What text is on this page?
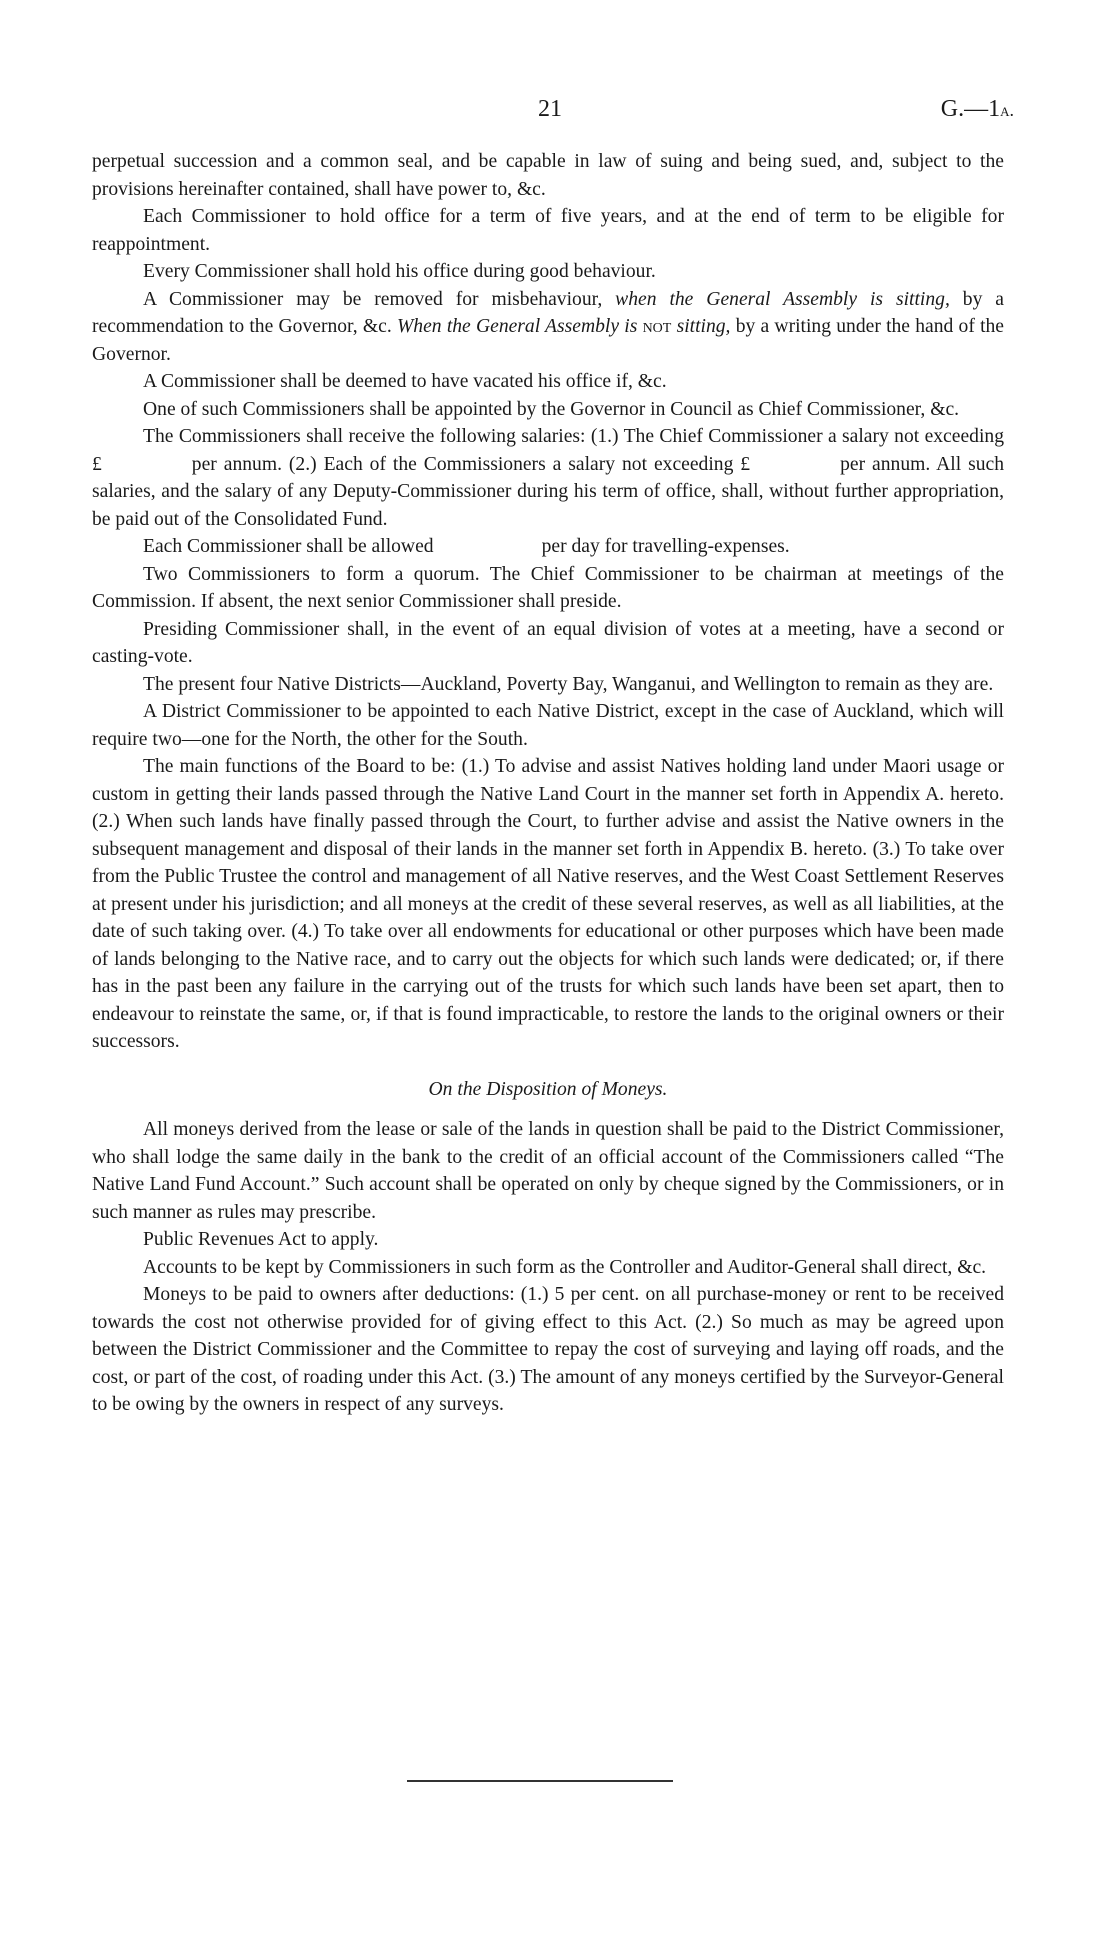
21	G.—1a.

perpetual succession and a common seal, and be capable in law of suing and being sued, and, subject to the provisions hereinafter contained, shall have power to, &c.

Each Commissioner to hold office for a term of five years, and at the end of term to be eligible for reappointment.

Every Commissioner shall hold his office during good behaviour.

A Commissioner may be removed for misbehaviour, when the General Assembly is sitting, by a recommendation to the Governor, &c. When the General Assembly is not sitting, by a writing under the hand of the Governor.

A Commissioner shall be deemed to have vacated his office if, &c.

One of such Commissioners shall be appointed by the Governor in Council as Chief Commissioner, &c.

The Commissioners shall receive the following salaries: (1.) The Chief Commissioner a salary not exceeding £	per annum. (2.) Each of the Commissioners a salary not exceeding £	per annum. All such salaries, and the salary of any Deputy-Commissioner during his term of office, shall, without further appropriation, be paid out of the Consolidated Fund.

Each Commissioner shall be allowed	per day for travelling-expenses.

Two Commissioners to form a quorum. The Chief Commissioner to be chairman at meetings of the Commission. If absent, the next senior Commissioner shall preside.

Presiding Commissioner shall, in the event of an equal division of votes at a meeting, have a second or casting-vote.

The present four Native Districts—Auckland, Poverty Bay, Wanganui, and Wellington to remain as they are.

A District Commissioner to be appointed to each Native District, except in the case of Auckland, which will require two—one for the North, the other for the South.

The main functions of the Board to be: (1.) To advise and assist Natives holding land under Maori usage or custom in getting their lands passed through the Native Land Court in the manner set forth in Appendix A. hereto. (2.) When such lands have finally passed through the Court, to further advise and assist the Native owners in the subsequent management and disposal of their lands in the manner set forth in Appendix B. hereto. (3.) To take over from the Public Trustee the control and management of all Native reserves, and the West Coast Settlement Reserves at present under his jurisdiction; and all moneys at the credit of these several reserves, as well as all liabilities, at the date of such taking over. (4.) To take over all endowments for educational or other purposes which have been made of lands belonging to the Native race, and to carry out the objects for which such lands were dedicated; or, if there has in the past been any failure in the carrying out of the trusts for which such lands have been set apart, then to endeavour to reinstate the same, or, if that is found impracticable, to restore the lands to the original owners or their successors.

On the Disposition of Moneys.

All moneys derived from the lease or sale of the lands in question shall be paid to the District Commissioner, who shall lodge the same daily in the bank to the credit of an official account of the Commissioners called “The Native Land Fund Account.” Such account shall be operated on only by cheque signed by the Commissioners, or in such manner as rules may prescribe.

Public Revenues Act to apply.

Accounts to be kept by Commissioners in such form as the Controller and Auditor-General shall direct, &c.

Moneys to be paid to owners after deductions: (1.) 5 per cent. on all purchase-money or rent to be received towards the cost not otherwise provided for of giving effect to this Act. (2.) So much as may be agreed upon between the District Commissioner and the Committee to repay the cost of surveying and laying off roads, and the cost, or part of the cost, of roading under this Act. (3.) The amount of any moneys certified by the Surveyor-General to be owing by the owners in respect of any surveys.
